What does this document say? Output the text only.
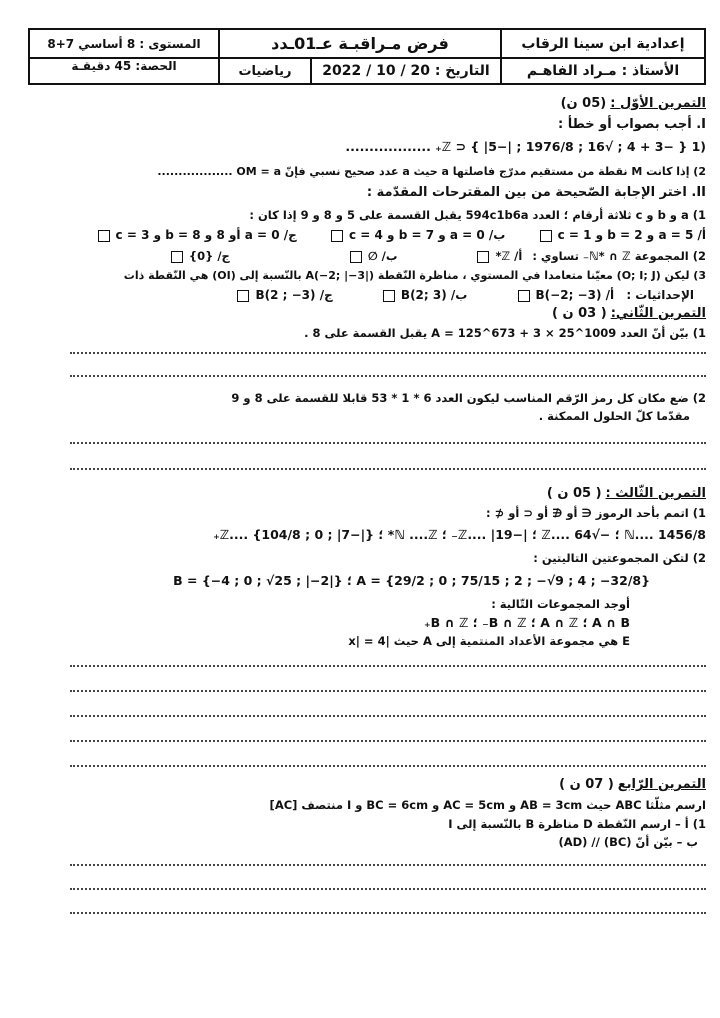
إعدادية ابن سينا الرقاب
فرض مـراقبـة عـ01ـدد
المستوى : 8 أساسي 7+8
الأستاذ : مـراد الفاهـم
التاريخ : 20 / 10 / 2022
رياضيات
الحصة: 45 دقيقـة
التمرين الأوّل :(05 ن)
I. أجب بصواب أو خطأ :
(1 { −3 + 4 ; √16 ; 1976/8 ; |−5| } ⊂ ℤ₊ ..................
2) إذا كانت M نقطة من مستقيم مدرّج فاصلتها a حيث a عدد صحيح نسبي فإنّ OM = a ..................
II. اختر الإجابة الصّحيحة من بين المقترحات المقدّمة :
1) a و b و c ثلاثة أرقام ؛ العدد 594c1b6a يقبل القسمة على 5 و 8 و 9 إذا كان :
أ/ a = 5 و b = 2 و c = 1 ب/ a = 0 و b = 7 و c = 4 ج/ a = 0 أو 8 و b = 8 و c = 3
2) المجموعة ℕ* ∩ ℤ₋ تساوي : أ/ ℤ* ب/ ∅ ج/ {0}
3) ليكن (O; I; J) معيّنا متعامدا في المستوي ، مناظرة النّقطة A(−2; |−3|) بالنّسبة إلى (OI) هي النّقطة ذات
الإحداثيات : أ/ B(−2; −3) ب/ B(2; 3) ج/ B(2 ; −3)
التمرين الثّاني:( 03 ن )
1) بيّن أنّ العدد A = 125^673 + 3 × 25^1009 يقبل القسمة على 8 .
2) ضع مكان كل رمز الرّقم المناسب ليكون العدد 6 * 1 * 53 قابلا للقسمة على 8 و 9
مقدّما كلّ الحلول الممكنة .
التمرين الثّالث :( 05 ن )
1) اتمم بأحد الرموز ∈ أو ∉ أو ⊂ أو ⊄ :
1456/8 ....ℕ ؛ −√64 ....ℤ ؛ |−19| ....ℤ₋ ؛ ℕ ....ℤ* ؛ {|−7| ; 0 ; 104/8} ....ℤ₊
2) لتكن المجموعتين التاليتين :
A = {29/2 ; 0 ; 75/15 ; 2 ; −√9 ; 4 ; −32/8} ؛ B = {−4 ; 0 ; √25 ; |−2|}
أوجد المجموعات التّالية :
A ∩ B ؛ A ∩ ℤ ؛ B ∩ ℤ₋ ؛ B ∩ ℤ₊
E هي مجموعة الأعداد المنتمية إلى A حيث |x| = 4
التمرين الرّابع( 07 ن )
ارسم مثلّثا ABC حيث AB = 3cm و AC = 5cm و BC = 6cm و I منتصف [AC]
1) أ – ارسم النّقطة D مناظرة B بالنّسبة إلى I
ب – بيّن أنّ (BC) // (AD)
